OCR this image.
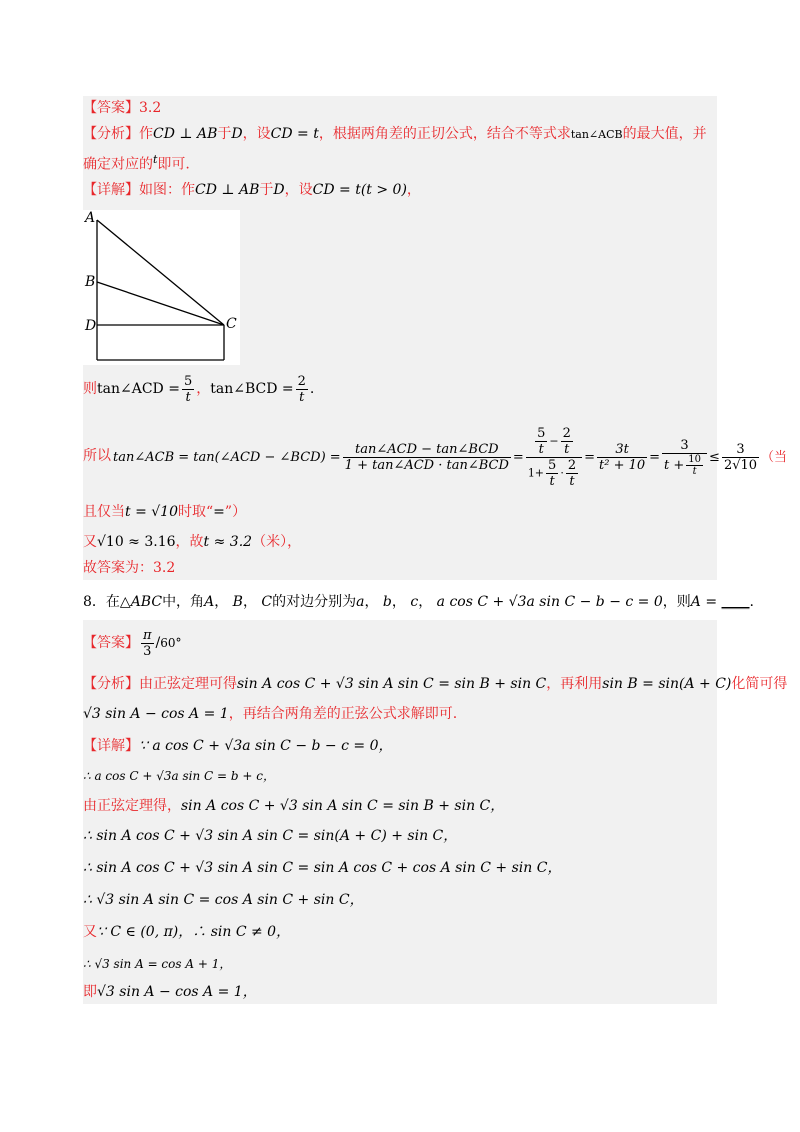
【答案】3.2
【分析】作CD ⊥ AB于D，设CD = t，根据两角差的正切公式，结合不等式求tan∠ACB的最大值，并
确定对应的$^t$即可.
【详解】如图：作CD ⊥ AB于D，设CD = t(t > 0)，
A
B
D	C
则tan∠ACD = $\frac{5}{t}$ ，tan∠BCD = $\frac{2}{t}$ .
所以 tan∠ACB = tan(∠ACD − ∠BCD) = $\frac{\text{tan∠ACD − tan∠BCD}}{\text{1 + tan∠ACD · tan∠BCD}} = \frac{\frac{5}{t} - \frac{2}{t}}{1+ \frac{5}{t} \cdot \frac{2}{t}} = \frac{3t}{\text{t² + 10}} = \frac{3}{t + \frac{10}{t}} \le \frac{3}{2√10}$ （当
且仅当t = √10时取“=”）
又√10 ≈ 3.16，故t ≈ 3.2（米），
故答案为：3.2
8．在△ABC中，角A， B， C的对边分别为a， b， c， a cos C + √3a sin C − b − c = 0，则A = ____.
【答案】 $\frac{\pi}{3} /60^\circ$
【分析】由正弦定理可得sin A cos C + √3 sin A sin C = sin B + sin C，再利用sin B = sin(A + C)化简可得
√3 sin A − cos A = 1，再结合两角差的正弦公式求解即可.
【详解】∵ a cos C + √3a sin C − b − c = 0，
∴ a cos C + √3a sin C = b + c，
由正弦定理得，sin A cos C + √3 sin A sin C = sin B + sin C，
∴ sin A cos C + √3 sin A sin C = sin(A + C) + sin C，
∴ sin A cos C + √3 sin A sin C = sin A cos C + cos A sin C + sin C，
∴ √3 sin A sin C = cos A sin C + sin C，
又∵ C ∈ (0, π)，∴ sin C ≠ 0，
∴ √3 sin A = cos A + 1，
即√3 sin A − cos A = 1，
